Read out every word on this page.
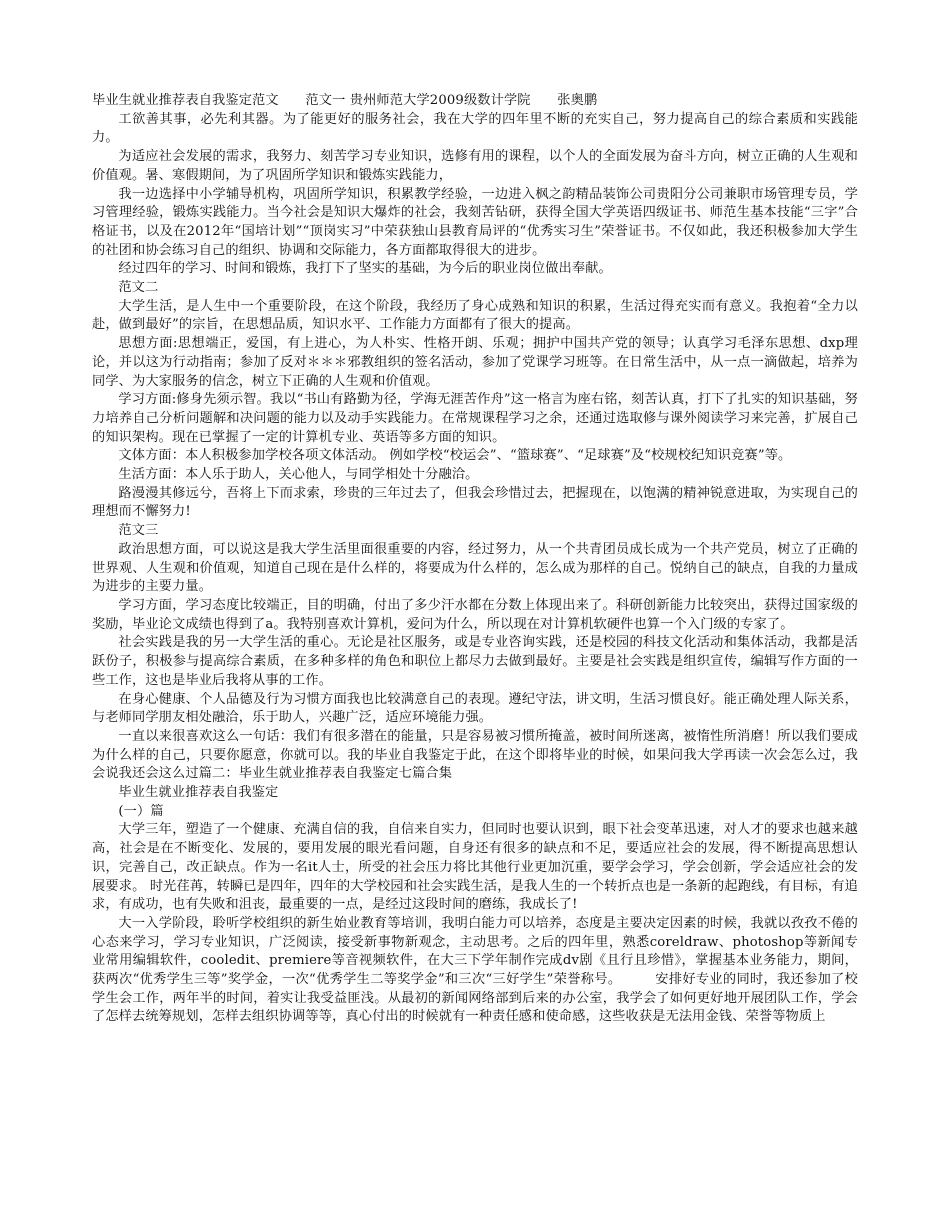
毕业生就业推荐表自我鉴定范文　　范文一 贵州师范大学2009级数计学院　　张奥鹏

工欲善其事，必先利其器。为了能更好的服务社会，我在大学的四年里不断的充实自己，努力提高自己的综合素质和实践能力。

为适应社会发展的需求，我努力、刻苦学习专业知识，选修有用的课程，以个人的全面发展为奋斗方向，树立正确的人生观和价值观。暑、寒假期间，为了巩固所学知识和锻炼实践能力，

我一边选择中小学辅导机构，巩固所学知识，积累教学经验，一边进入枫之韵精品装饰公司贵阳分公司兼职市场管理专员，学习管理经验，锻炼实践能力。当今社会是知识大爆炸的社会，我刻苦钻研，获得全国大学英语四级证书、师范生基本技能“三字”合格证书，以及在2012年“国培计划”“顶岗实习”中荣获独山县教育局评的“优秀实习生”荣誉证书。不仅如此，我还积极参加大学生的社团和协会练习自己的组织、协调和交际能力，各方面都取得很大的进步。

经过四年的学习、时间和锻炼，我打下了坚实的基础，为今后的职业岗位做出奉献。

范文二

大学生活，是人生中一个重要阶段，在这个阶段，我经历了身心成熟和知识的积累，生活过得充实而有意义。我抱着“全力以赴，做到最好”的宗旨，在思想品质，知识水平、工作能力方面都有了很大的提高。

思想方面:思想端正，爱国，有上进心，为人朴实、性格开朗、乐观；拥护中国共产党的领导；认真学习毛泽东思想、dxp理论，并以这为行动指南；参加了反对＊＊＊邪教组织的签名活动，参加了党课学习班等。在日常生活中，从一点一滴做起，培养为同学、为大家服务的信念，树立下正确的人生观和价值观。

学习方面:修身先须示智。我以“书山有路勤为径，学海无涯苦作舟”这一格言为座右铭，刻苦认真，打下了扎实的知识基础，努力培养自己分析问题解和决问题的能力以及动手实践能力。在常规课程学习之余，还通过选取修与课外阅读学习来完善，扩展自己的知识架构。现在已掌握了一定的计算机专业、英语等多方面的知识。

文体方面：本人积极参加学校各项文体活动。 例如学校“校运会”、“篮球赛”、“足球赛”及“校规校纪知识竞赛”等。

生活方面：本人乐于助人，关心他人，与同学相处十分融洽。

路漫漫其修远兮，吾将上下而求索，珍贵的三年过去了，但我会珍惜过去，把握现在，以饱满的精神锐意进取，为实现自己的理想而不懈努力!

范文三

政治思想方面，可以说这是我大学生活里面很重要的内容，经过努力，从一个共青团员成长成为一个共产党员，树立了正确的世界观、人生观和价值观，知道自己现在是什么样的，将要成为什么样的，怎么成为那样的自己。悦纳自己的缺点，自我的力量成为进步的主要力量。

学习方面，学习态度比较端正，目的明确，付出了多少汗水都在分数上体现出来了。科研创新能力比较突出，获得过国家级的奖励，毕业论文成绩也得到了a。我特别喜欢计算机，爱问为什么，所以现在对计算机软硬件也算一个入门级的专家了。

社会实践是我的另一大学生活的重心。无论是社区服务，或是专业咨询实践，还是校园的科技文化活动和集体活动，我都是活跃份子，积极参与提高综合素质，在多种多样的角色和职位上都尽力去做到最好。主要是社会实践是组织宣传，编辑写作方面的一些工作，这也是毕业后我将从事的工作。

在身心健康、个人品德及行为习惯方面我也比较满意自己的表现。遵纪守法，讲文明，生活习惯良好。能正确处理人际关系，与老师同学朋友相处融洽，乐于助人，兴趣广泛，适应环境能力强。

一直以来很喜欢这么一句话：我们有很多潜在的能量，只是容易被习惯所掩盖，被时间所迷离，被惰性所消磨！所以我们要成为什么样的自己，只要你愿意，你就可以。我的毕业自我鉴定于此，在这个即将毕业的时候，如果问我大学再读一次会怎么过，我会说我还会这么过篇二：毕业生就业推荐表自我鉴定七篇合集

毕业生就业推荐表自我鉴定

(一）篇

大学三年，塑造了一个健康、充满自信的我，自信来自实力，但同时也要认识到，眼下社会变革迅速，对人才的要求也越来越高，社会是在不断变化、发展的，要用发展的眼光看问题，自身还有很多的缺点和不足，要适应社会的发展，得不断提高思想认识，完善自己，改正缺点。作为一名it人士，所受的社会压力将比其他行业更加沉重，要学会学习，学会创新，学会适应社会的发展要求。 时光荏苒，转瞬已是四年，四年的大学校园和社会实践生活，是我人生的一个转折点也是一条新的起跑线，有目标，有追求，有成功，也有失败和沮丧，最重要的一点，是经过这段时间的磨练，我成长了!

大一入学阶段，聆听学校组织的新生始业教育等培训，我明白能力可以培养，态度是主要决定因素的时候，我就以孜孜不倦的心态来学习，学习专业知识，广泛阅读，接受新事物新观念，主动思考。之后的四年里，熟悉coreldraw、photoshop等新闻专业常用编辑软件，cooledit、premiere等音视频软件，在大三下学年制作完成dv剧《且行且珍惜》，掌握基本业务能力，期间，获两次“优秀学生三等”奖学金，一次“优秀学生二等奖学金”和三次“三好学生”荣誉称号。　　　安排好专业的同时，我还参加了校学生会工作，两年半的时间，着实让我受益匪浅。从最初的新闻网络部到后来的办公室，我学会了如何更好地开展团队工作，学会了怎样去统筹规划，怎样去组织协调等等，真心付出的时候就有一种责任感和使命感，这些收获是无法用金钱、荣誉等物质上
